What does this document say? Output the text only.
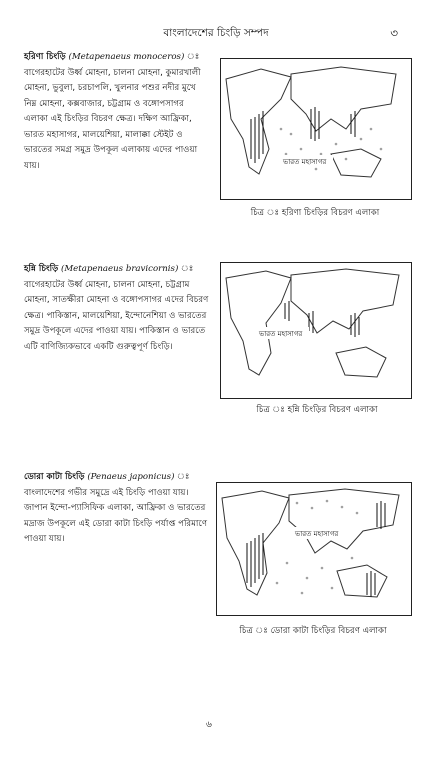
বাংলাদেশের চিংড়ি সম্পদ	৩
হরিণা চিংড়ি (Metapenaeus monoceros)
বাগেরহাটের উর্ধ্ব মোহনা, চালনা মোহনা, কুমারখালী মোহনা, ভুবুলা, চরচাপলি, খুলনার পশুর নদীর মুখে নিম্ন মোহনা, কক্সবাজার, চট্টগ্রাম ও বঙ্গোপসাগর এলাকা এই চিংড়ির বিচরণ ক্ষেত্র। দক্ষিণ আফ্রিকা, ভারত মহাসাগর, মালয়েশিয়া, মালাক্কা স্টেইট ও ভারতের সমগ্র সমুদ্র উপকূল এলাকায় এদের পাওয়া যায়।	ভারত মহাসাগর
চিত্র ঃ হরিণা চিংড়ির বিচরণ এলাকা
হন্নি চিংড়ি (Metapenaeus bravicornis)
বাগেরহাটের উর্ধ্ব মোহনা, চালনা মোহনা, চট্টগ্রাম মোহনা, সাতক্ষীরা মোহনা ও বঙ্গোপসাগর এদের বিচরণ ক্ষেত্র। পাকিস্তান, মালয়েশিয়া, ইন্দোনেশিয়া ও ভারতের সমুদ্র উপকূলে এদের পাওয়া যায়। পাকিস্তান ও ভারতে এটি বাণিজ্যিকভাবে একটি গুরুত্বপূর্ণ চিংড়ি।
ভারত মহাসাগর
চিত্র ঃ হন্নি চিংড়ির বিচরণ এলাকা
ডোরা কাটা চিংড়ি (Penaeus japonicus)
বাংলাদেশের গভীর সমুদ্রে এই চিংড়ি পাওয়া যায়। জাপান ইন্দো-প্যাসিফিক এলাকা, আফ্রিকা ও ভারতের মদ্রাজ উপকূলে এই ডোরা কাটা চিংড়ি পর্যাপ্ত পরিমাণে পাওয়া যায়।	ভারত মহাসাগর
চিত্র ঃ ডোরা কাটা চিংড়ির বিচরণ এলাকা
৬
